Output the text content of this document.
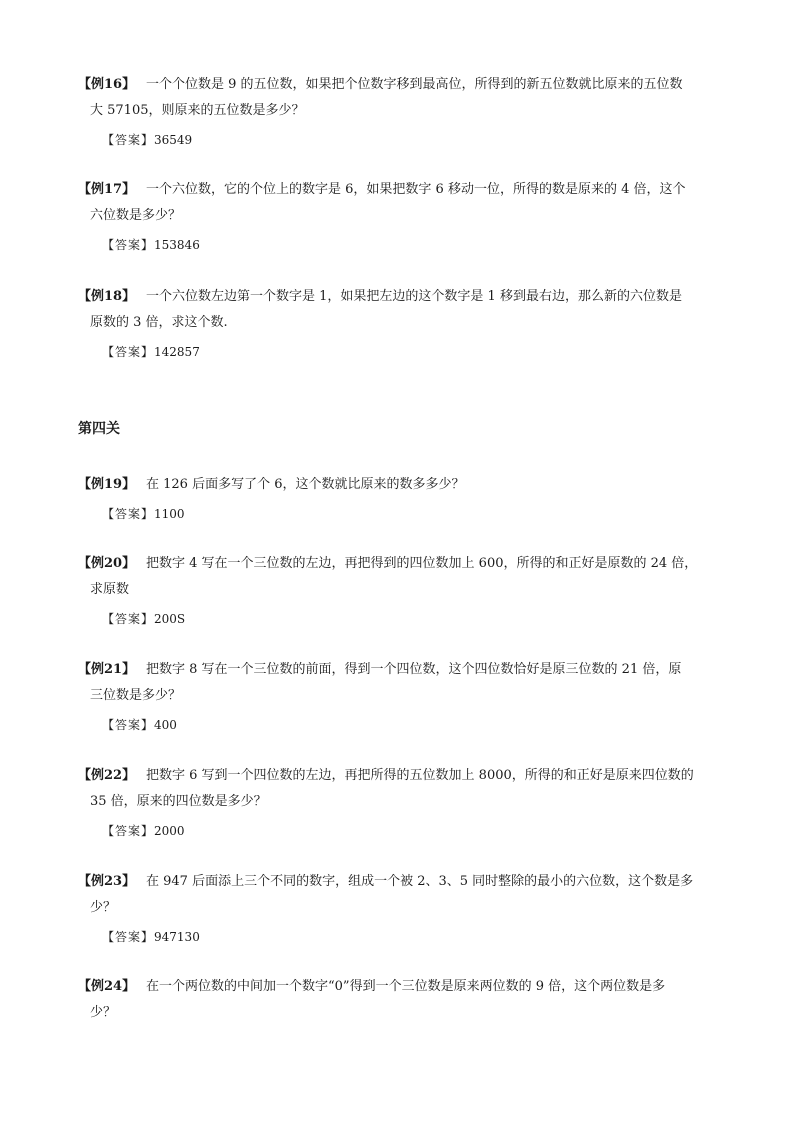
【例16】 一个个位数是 9 的五位数，如果把个位数字移到最高位，所得到的新五位数就比原来的五位数
大 57105，则原来的五位数是多少？
【答案】36549
【例17】 一个六位数，它的个位上的数字是 6，如果把数字 6 移动一位，所得的数是原来的 4 倍，这个
六位数是多少？
【答案】153846
【例18】 一个六位数左边第一个数字是 1，如果把左边的这个数字是 1 移到最右边，那么新的六位数是
原数的 3 倍，求这个数.
【答案】142857
第四关
【例19】 在 126 后面多写了个 6，这个数就比原来的数多多少？
【答案】1100
【例20】 把数字 4 写在一个三位数的左边，再把得到的四位数加上 600，所得的和正好是原数的 24 倍，
求原数
【答案】200S
【例21】 把数字 8 写在一个三位数的前面，得到一个四位数，这个四位数恰好是原三位数的 21 倍，原
三位数是多少？
【答案】400
【例22】 把数字 6 写到一个四位数的左边，再把所得的五位数加上 8000，所得的和正好是原来四位数的
35 倍，原来的四位数是多少？
【答案】2000
【例23】 在 947 后面添上三个不同的数字，组成一个被 2、3、5 同时整除的最小的六位数，这个数是多
少？
【答案】947130
【例24】 在一个两位数的中间加一个数字“0”得到一个三位数是原来两位数的 9 倍，这个两位数是多
少？
